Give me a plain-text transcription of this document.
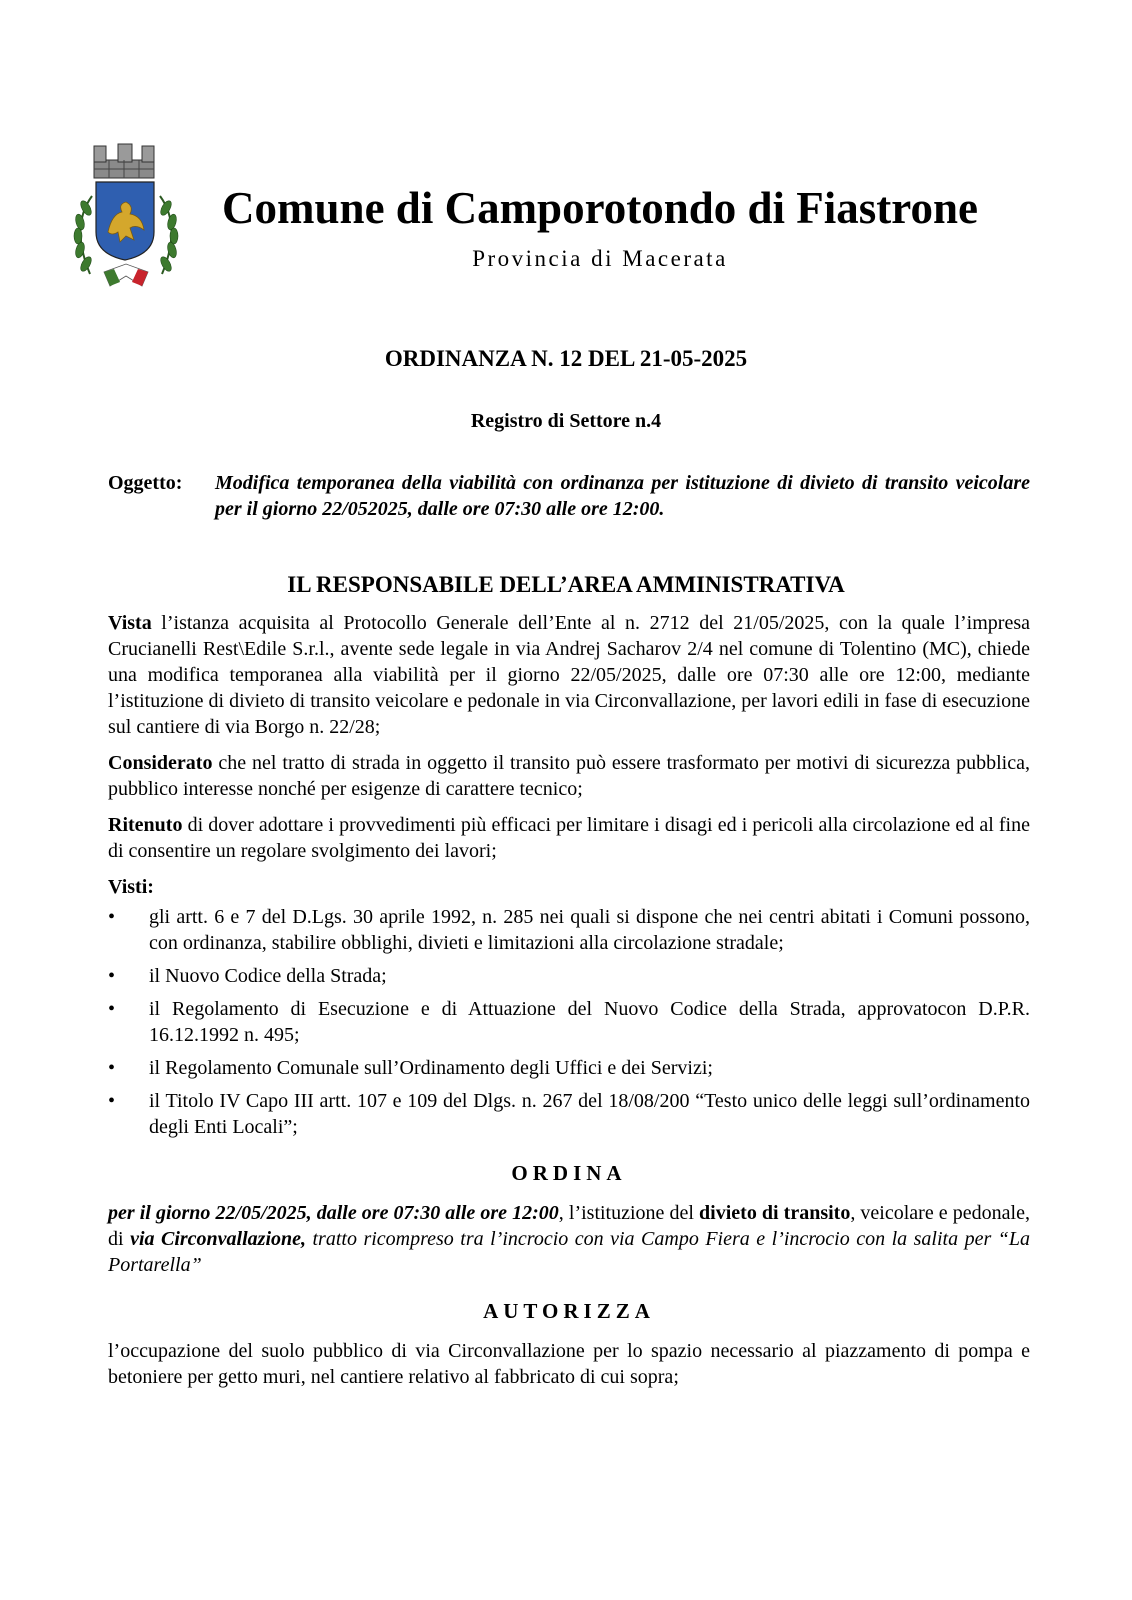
Comune di Camporotondo di Fiastrone
Provincia di Macerata
ORDINANZA N. 12 DEL 21-05-2025
Registro di Settore n.4
Oggetto: Modifica temporanea della viabilità con ordinanza per istituzione di divieto di transito veicolare per il giorno 22/052025, dalle ore 07:30 alle ore 12:00.
IL RESPONSABILE DELL’AREA AMMINISTRATIVA

Vista l’istanza acquisita al Protocollo Generale dell’Ente al n. 2712 del 21/05/2025, con la quale l’impresa Crucianelli Rest\Edile S.r.l., avente sede legale in via Andrej Sacharov 2/4 nel comune di Tolentino (MC), chiede una modifica temporanea alla viabilità per il giorno 22/05/2025, dalle ore 07:30 alle ore 12:00, mediante l’istituzione di divieto di transito veicolare e pedonale in via Circonvallazione, per lavori edili in fase di esecuzione sul cantiere di via Borgo n. 22/28;

Considerato che nel tratto di strada in oggetto il transito può essere trasformato per motivi di sicurezza pubblica, pubblico interesse nonché per esigenze di carattere tecnico;

Ritenuto di dover adottare i provvedimenti più efficaci per limitare i disagi ed i pericoli alla circolazione ed al fine di consentire un regolare svolgimento dei lavori;

Visti:
• gli artt. 6 e 7 del D.Lgs. 30 aprile 1992, n. 285 nei quali si dispone che nei centri abitati i Comuni possono, con ordinanza, stabilire obblighi, divieti e limitazioni alla circolazione stradale;
• il Nuovo Codice della Strada;
• il Regolamento di Esecuzione e di Attuazione del Nuovo Codice della Strada, approvatocon D.P.R. 16.12.1992 n. 495;
• il Regolamento Comunale sull’Ordinamento degli Uffici e dei Servizi;
• il Titolo IV Capo III artt. 107 e 109 del Dlgs. n. 267 del 18/08/200 “Testo unico delle leggi sull’ordinamento degli Enti Locali”;
ORDINA

per il giorno 22/05/2025, dalle ore 07:30 alle ore 12:00, l’istituzione del divieto di transito, veicolare e pedonale, di via Circonvallazione, tratto ricompreso tra l’incrocio con via Campo Fiera e l’incrocio con la salita per “La Portarella”

AUTORIZZA

l’occupazione del suolo pubblico di via Circonvallazione per lo spazio necessario al piazzamento di pompa e betoniere per getto muri, nel cantiere relativo al fabbricato di cui sopra;
